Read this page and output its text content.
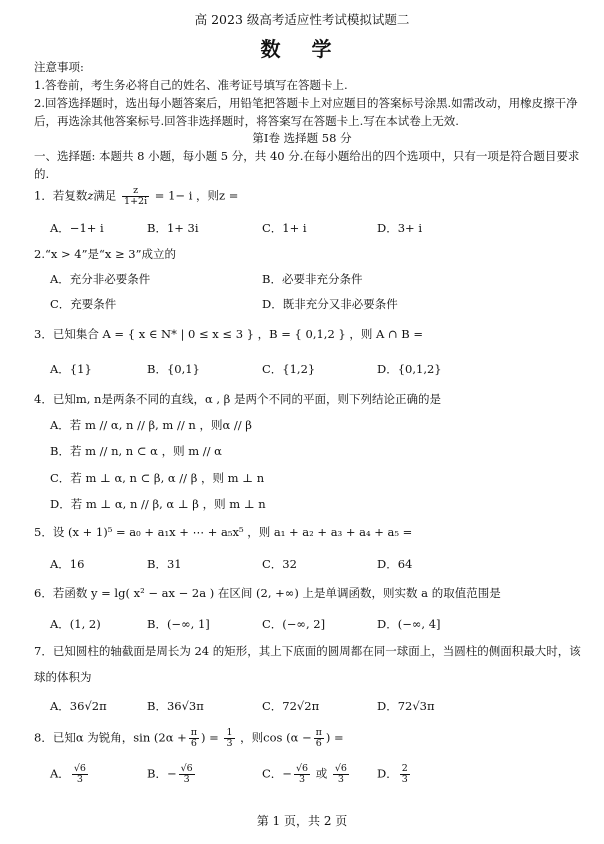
高 2023 级高考适应性考试模拟试题二
数 学
注意事项:
1.答卷前，考生务必将自己的姓名、准考证号填写在答题卡上.
2.回答选择题时，选出每小题答案后，用铅笔把答题卡上对应题目的答案标号涂黑.如需改动，用橡皮擦干净后，再选涂其他答案标号.回答非选择题时，将答案写在答题卡上.写在本试卷上无效.
第Ⅰ卷 选择题 58 分
一、选择题: 本题共 8 小题，每小题 5 分，共 40 分.在每小题给出的四个选项中，只有一项是符合题目要求的.
1．若复数z满足 $\frac{z}{1+2i} = 1- i$ ，则z =
A．−1+ i	B．1+ 3i	C．1+ i	D．3+ i
2.“x > 4”是“x ≥ 3”成立的
A．充分非必要条件	B．必要非充分条件
C．充要条件	D．既非充分又非必要条件
3．已知集合 A = { x ∈ N* | 0 ≤ x ≤ 3 } ，B = { 0,1,2 } ，则 A ∩ B =
A．{1}	B．{0,1}	C．{1,2}	D．{0,1,2}
4．已知m, n是两条不同的直线，α , β 是两个不同的平面，则下列结论正确的是
A．若 m // α, n // β, m // n ，则α // β
B．若 m // n, n ⊂ α ，则 m // α
C．若 m ⊥ α, n ⊂ β, α // β ，则 m ⊥ n
D．若 m ⊥ α, n // β, α ⊥ β ，则 m ⊥ n
5．设 (x + 1)⁵ = a₀ + a₁x + ⋯ + a₅x⁵ ，则 a₁ + a₂ + a₃ + a₄ + a₅ =
A．16	B．31	C．32	D．64
6．若函数 y = lg( x² − ax − 2a ) 在区间 (2, +∞) 上是单调函数，则实数 a 的取值范围是
A．(1, 2)	B．(−∞, 1]	C．(−∞, 2]	D．(−∞, 4]
7．已知圆柱的轴截面是周长为 24 的矩形，其上下底面的圆周都在同一球面上，当圆柱的侧面积最大时，该
球的体积为
A．36√2π	B．36√3π	C．72√2π	D．72√3π
8．已知α 为锐角，$\sin (2\alpha + \frac{\pi}{6}$ ) = $\frac{1}{3}$ ，则$\cos (\alpha - \frac{\pi}{6}$ ) =
A． $\frac{√6}{3}$	B．− $\frac{√6}{3}$	C．− $\frac{√6}{3}$ 或 $\frac{√6}{3}$ D． $\frac{2}{3}$
第 1 页，共 2 页
